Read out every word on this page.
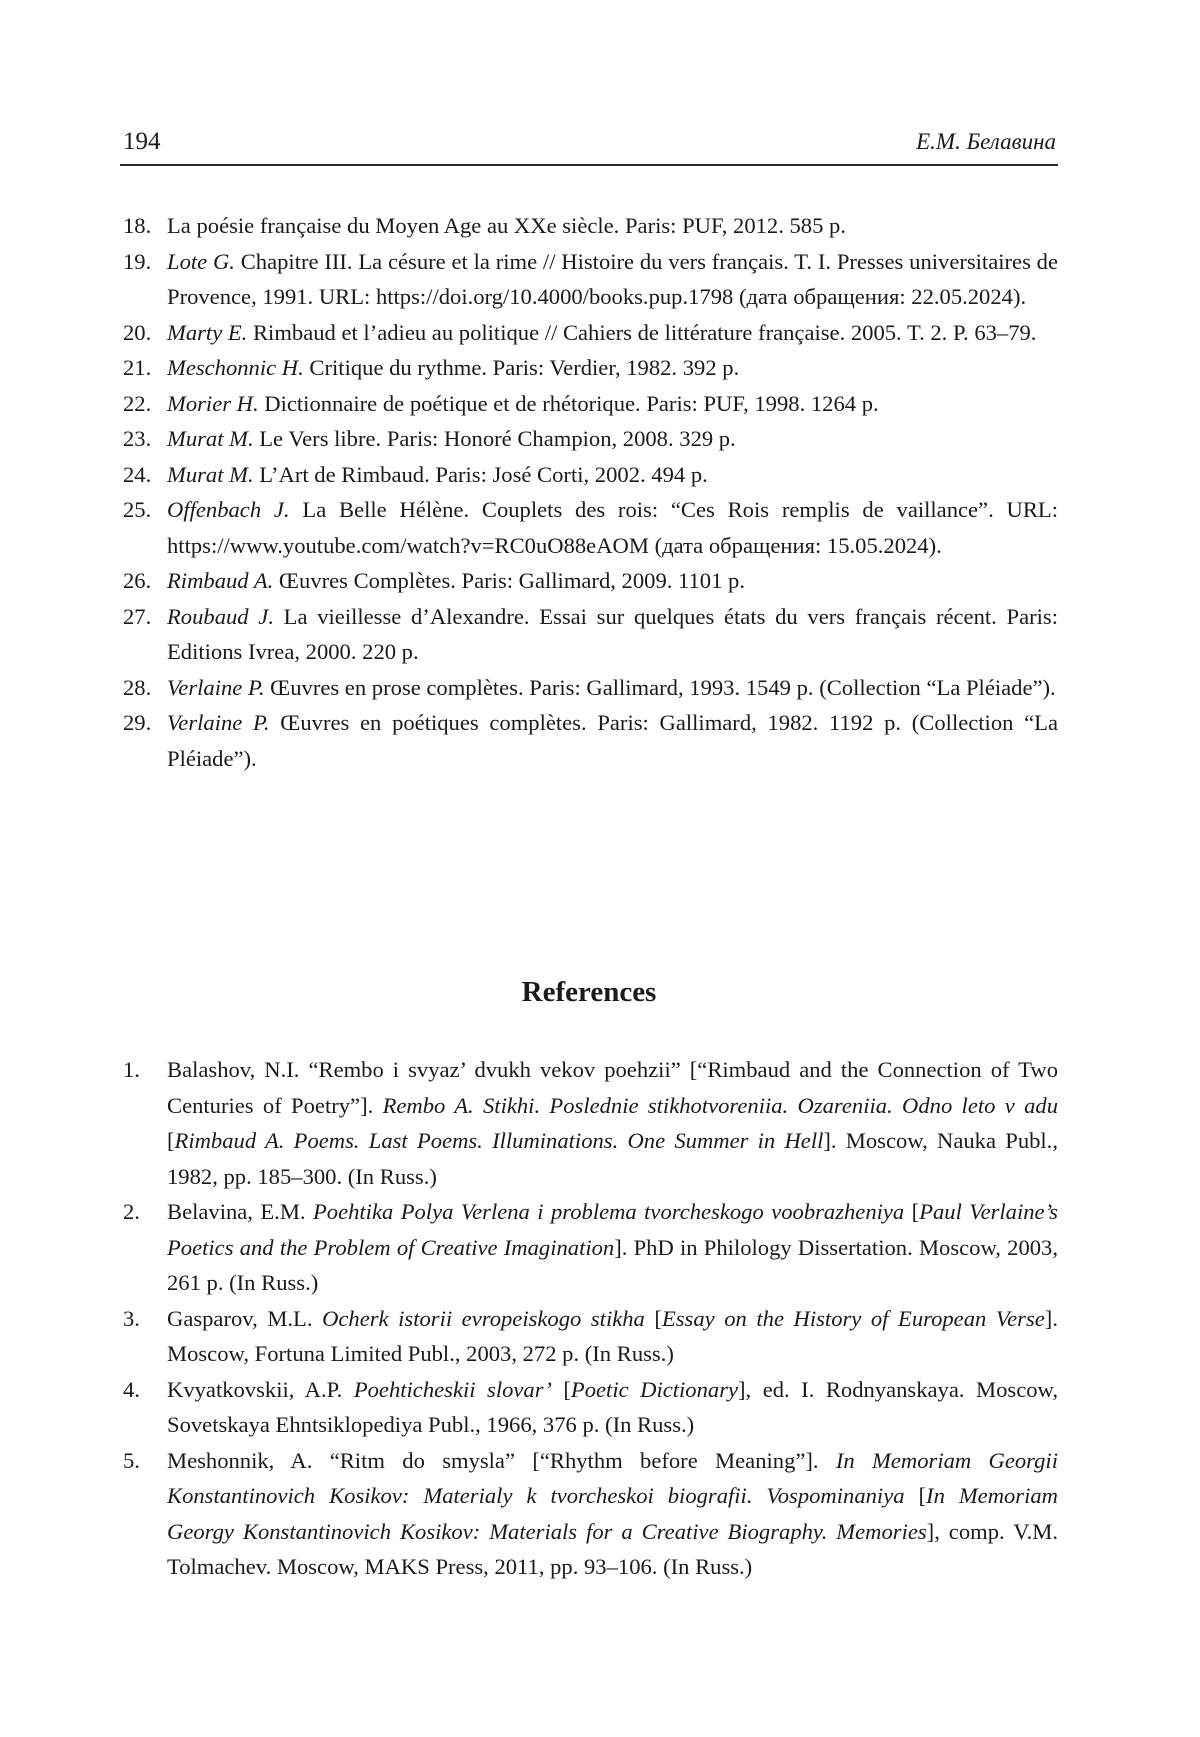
194	Е.М. Белавина
18. La poésie française du Moyen Age au XXe siècle. Paris: PUF, 2012. 585 p.
19. Lote G. Chapitre III. La césure et la rime // Histoire du vers français. T. I. Presses universitaires de Provence, 1991. URL: https://doi.org/10.4000/books.pup.1798 (дата обращения: 22.05.2024).
20. Marty E. Rimbaud et l’adieu au politique // Cahiers de littérature française. 2005. T. 2. P. 63–79.
21. Meschonnic H. Critique du rythme. Paris: Verdier, 1982. 392 p.
22. Morier H. Dictionnaire de poétique et de rhétorique. Paris: PUF, 1998. 1264 p.
23. Murat M. Le Vers libre. Paris: Honoré Champion, 2008. 329 p.
24. Murat M. L’Art de Rimbaud. Paris: José Corti, 2002. 494 p.
25. Offenbach J. La Belle Hélène. Couplets des rois: “Ces Rois remplis de vaillance”. URL: https://www.youtube.com/watch?v=RC0uO88eAOM (дата обращения: 15.05.2024).
26. Rimbaud A. Œuvres Complètes. Paris: Gallimard, 2009. 1101 p.
27. Roubaud J. La vieillesse d’Alexandre. Essai sur quelques états du vers français récent. Paris: Editions Ivrea, 2000. 220 p.
28. Verlaine P. Œuvres en prose complètes. Paris: Gallimard, 1993. 1549 p. (Collection “La Pléiade”).
29. Verlaine P. Œuvres en poétiques complètes. Paris: Gallimard, 1982. 1192 p. (Collection “La Pléiade”).
References
1. Balashov, N.I. “Rembo i svyaz’ dvukh vekov poehzii” [“Rimbaud and the Connection of Two Centuries of Poetry”]. Rembo A. Stikhi. Poslednie stikhotvoreniia. Ozareniia. Odno leto v adu [Rimbaud A. Poems. Last Poems. Illuminations. One Summer in Hell]. Moscow, Nauka Publ., 1982, pp. 185–300. (In Russ.)
2. Belavina, E.M. Poehtika Polya Verlena i problema tvorcheskogo voobrazheniya [Paul Verlaine’s Poetics and the Problem of Creative Imagination]. PhD in Philology Dissertation. Moscow, 2003, 261 p. (In Russ.)
3. Gasparov, M.L. Ocherk istorii evropeiskogo stikha [Essay on the History of European Verse]. Moscow, Fortuna Limited Publ., 2003, 272 p. (In Russ.)
4. Kvyatkovskii, A.P. Poehticheskii slovar’ [Poetic Dictionary], ed. I. Rodnyanskaya. Moscow, Sovetskaya Ehntsiklopediya Publ., 1966, 376 p. (In Russ.)
5. Meshonnik, A. “Ritm do smysla” [“Rhythm before Meaning”]. In Memoriam Georgii Konstantinovich Kosikov: Materialy k tvorcheskoi biografii. Vospominaniya [In Memoriam Georgy Konstantinovich Kosikov: Materials for a Creative Biography. Memories], comp. V.M. Tolmachev. Moscow, MAKS Press, 2011, pp. 93–106. (In Russ.)
